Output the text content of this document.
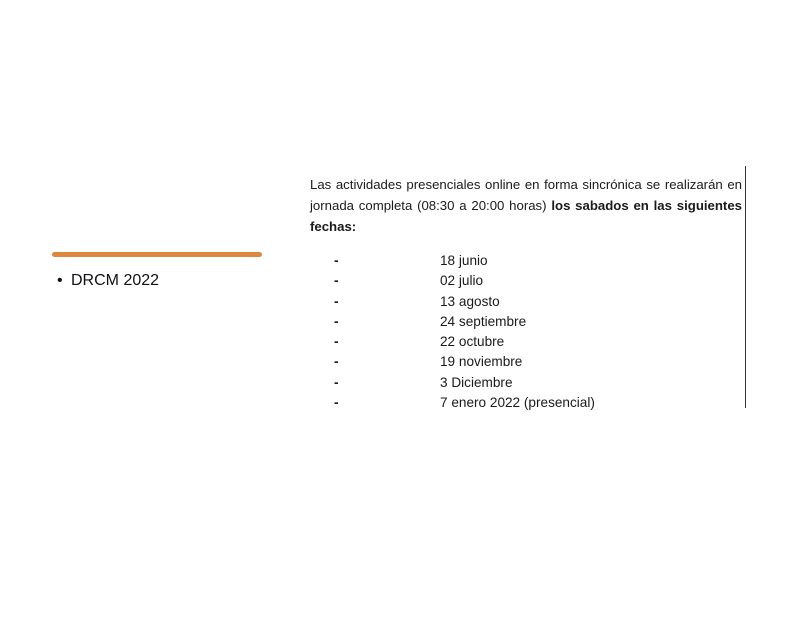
• DRCM 2022

Las actividades presenciales online en forma sincrónica se realizarán en jornada completa (08:30 a 20:00 horas) los sabados en las siguientes fechas:

-	18 junio
-	02 julio
-	13 agosto
-	24 septiembre
-	22 octubre
-	19 noviembre
-	3 Diciembre
-	7 enero 2022 (presencial)
